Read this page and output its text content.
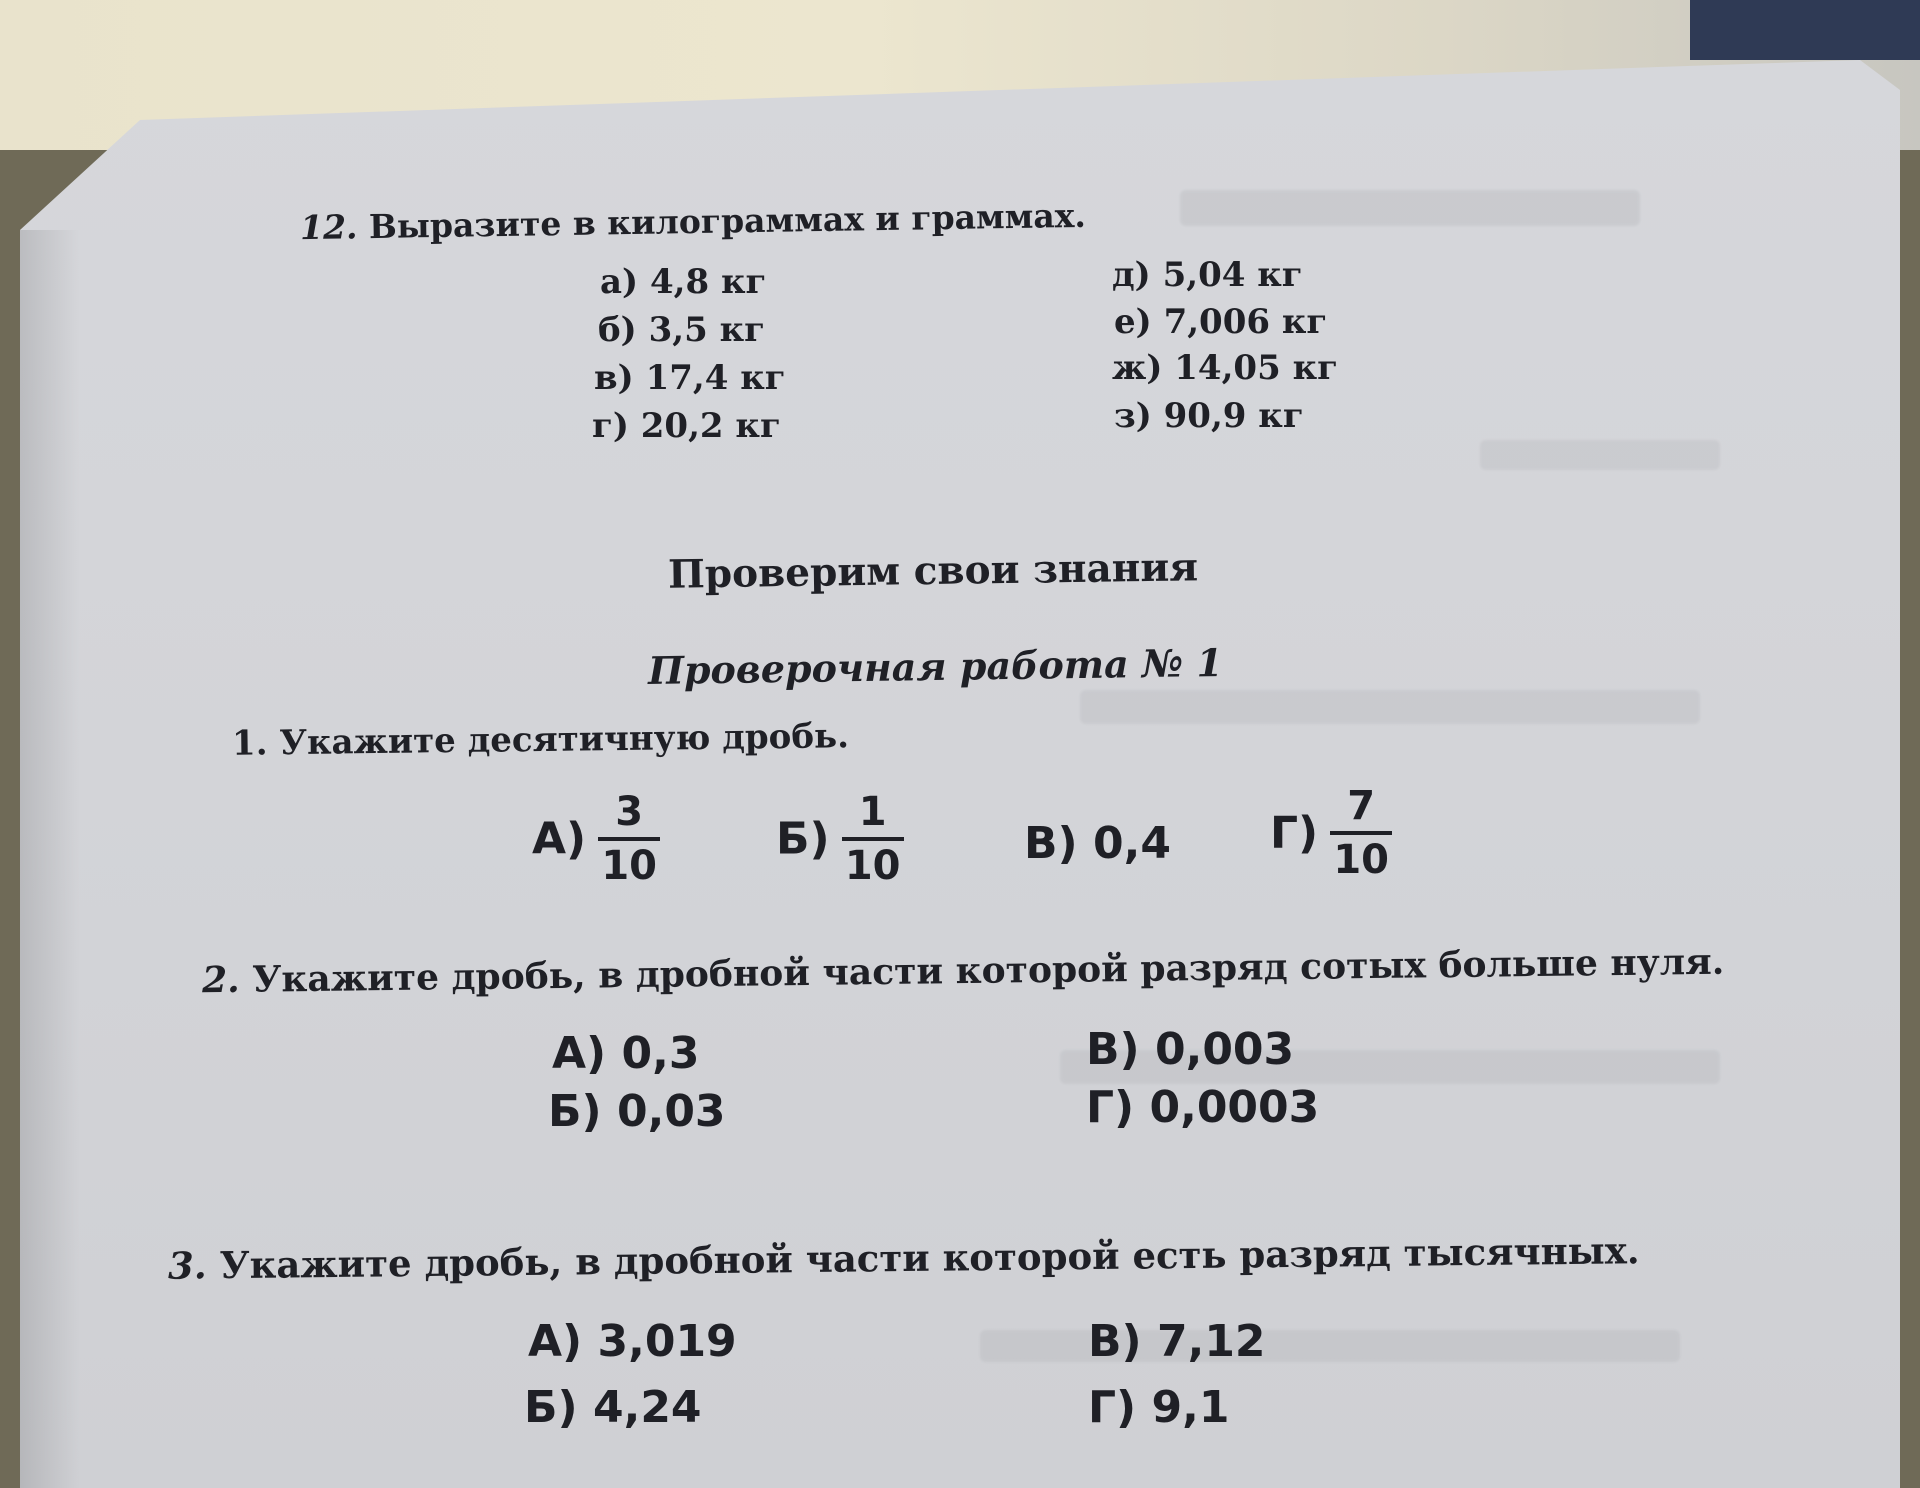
12. Выразите в килограммах и граммах.
а) 4,8 кг
б) 3,5 кг
в) 17,4 кг
г) 20,2 кг
д) 5,04 кг
е) 7,006 кг
ж) 14,05 кг
з) 90,9 кг
Проверим свои знания
Проверочная работа № 1
1. Укажите десятичную дробь.
$А) \frac{3}{10}$	$Б) \frac{1}{10}$	В) 0,4 $Г) \frac{7}{10}$
2. Укажите дробь, в дробной части которой разряд сотых больше нуля.
А) 0,3
Б) 0,03
В) 0,003
Г) 0,0003
3. Укажите дробь, в дробной части которой есть разряд тысячных.
А) 3,019
Б) 4,24
В) 7,12
Г) 9,1
